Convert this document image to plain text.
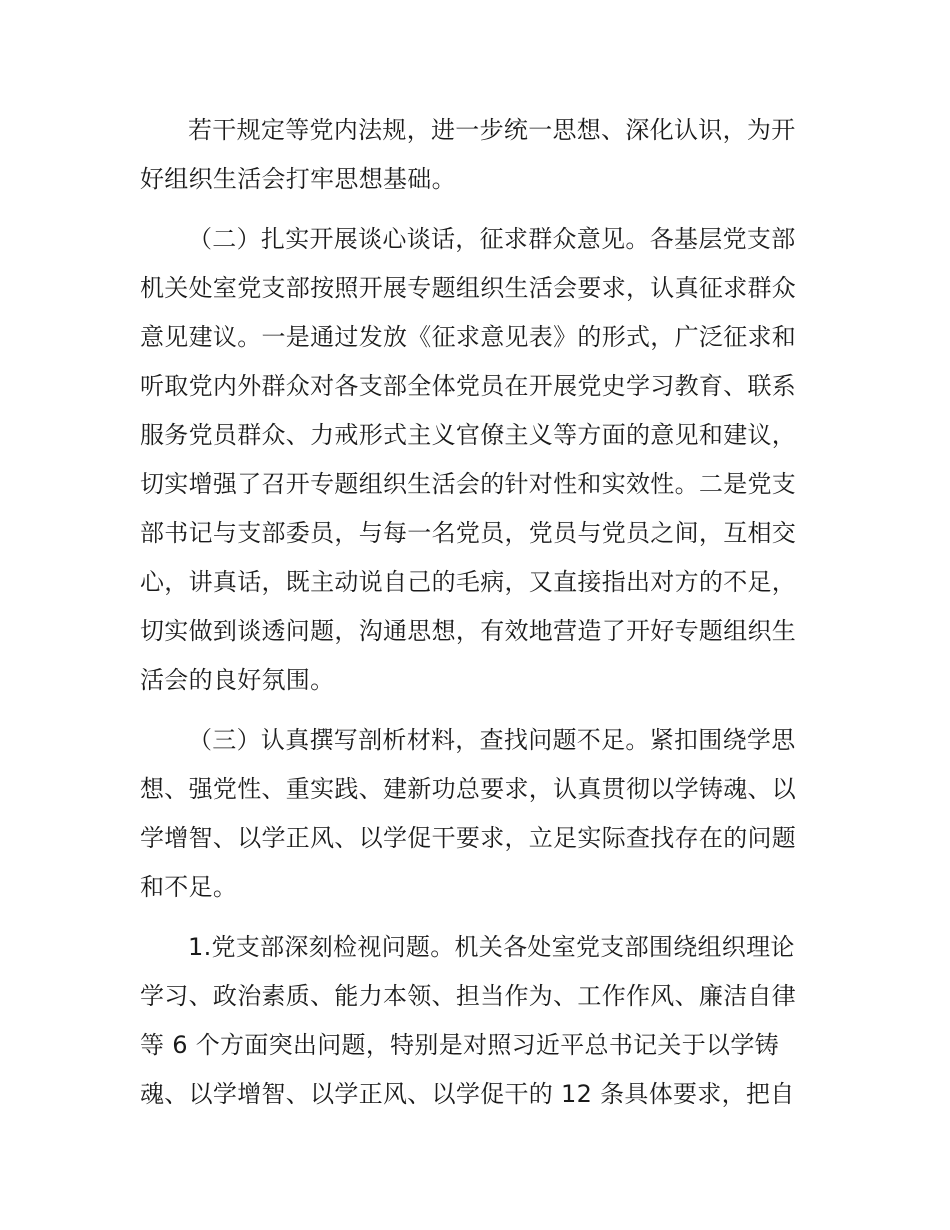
若干规定等党内法规，进一步统一思想、深化认识，为开
好组织生活会打牢思想基础。
（二）扎实开展谈心谈话，征求群众意见。各基层党支部
机关处室党支部按照开展专题组织生活会要求，认真征求群众
意见建议。一是通过发放《征求意见表》的形式，广泛征求和
听取党内外群众对各支部全体党员在开展党史学习教育、联系
服务党员群众、力戒形式主义官僚主义等方面的意见和建议，
切实增强了召开专题组织生活会的针对性和实效性。二是党支
部书记与支部委员，与每一名党员，党员与党员之间，互相交
心，讲真话，既主动说自己的毛病，又直接指出对方的不足，
切实做到谈透问题，沟通思想，有效地营造了开好专题组织生
活会的良好氛围。
（三）认真撰写剖析材料，查找问题不足。紧扣围绕学思
想、强党性、重实践、建新功总要求，认真贯彻以学铸魂、以
学增智、以学正风、以学促干要求，立足实际查找存在的问题
和不足。
1.党支部深刻检视问题。机关各处室党支部围绕组织理论
学习、政治素质、能力本领、担当作为、工作作风、廉洁自律
等 6 个方面突出问题，特别是对照习近平总书记关于以学铸
魂、以学增智、以学正风、以学促干的 12 条具体要求，把自
